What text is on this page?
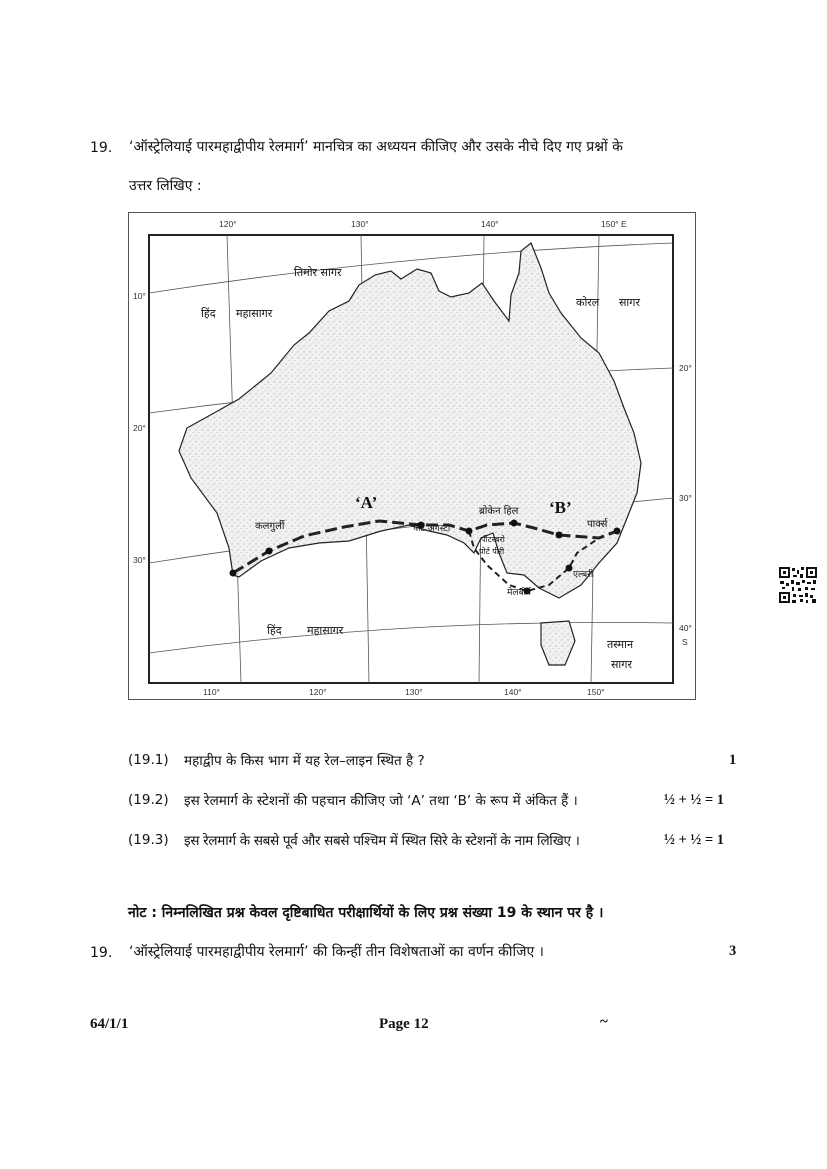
19. ‘ऑस्ट्रेलियाई पारमहाद्वीपीय रेलमार्ग’ मानचित्र का अध्ययन कीजिए और उसके नीचे दिए गए प्रश्नों के
उत्तर लिखिए :
120°	130°	140°	150° E
110°	120°	130°	140°	150°
10°
20°
30°
20°
30°
40°
S
तिमोर सागर
हिंद महासागर
कोरल सागर
हिंद महासागर
तस्मान
सागर
‘A’	‘B’
कलगुर्ली	पोर्ट अगस्टा
ब्रोकेन हिल
पार्क्स
पीटरबरो
पोर्ट पीरी
एल्बरी
मेलबोर्न
(19.1) महाद्वीप के किस भाग में यह रेल–लाइन स्थित है ?	1
(19.2) इस रेलमार्ग के स्टेशनों की पहचान कीजिए जो ‘A’ तथा ‘B’ के रूप में अंकित हैं ।	½ + ½ = 1
(19.3) इस रेलमार्ग के सबसे पूर्व और सबसे पश्चिम में स्थित सिरे के स्टेशनों के नाम लिखिए ।	½ + ½ = 1
नोट : निम्नलिखित प्रश्न केवल दृष्टिबाधित परीक्षार्थियों के लिए प्रश्न संख्या 19 के स्थान पर है ।
19. ‘ऑस्ट्रेलियाई पारमहाद्वीपीय रेलमार्ग’ की किन्हीं तीन विशेषताओं का वर्णन कीजिए ।	3
64/1/1	Page 12	~
